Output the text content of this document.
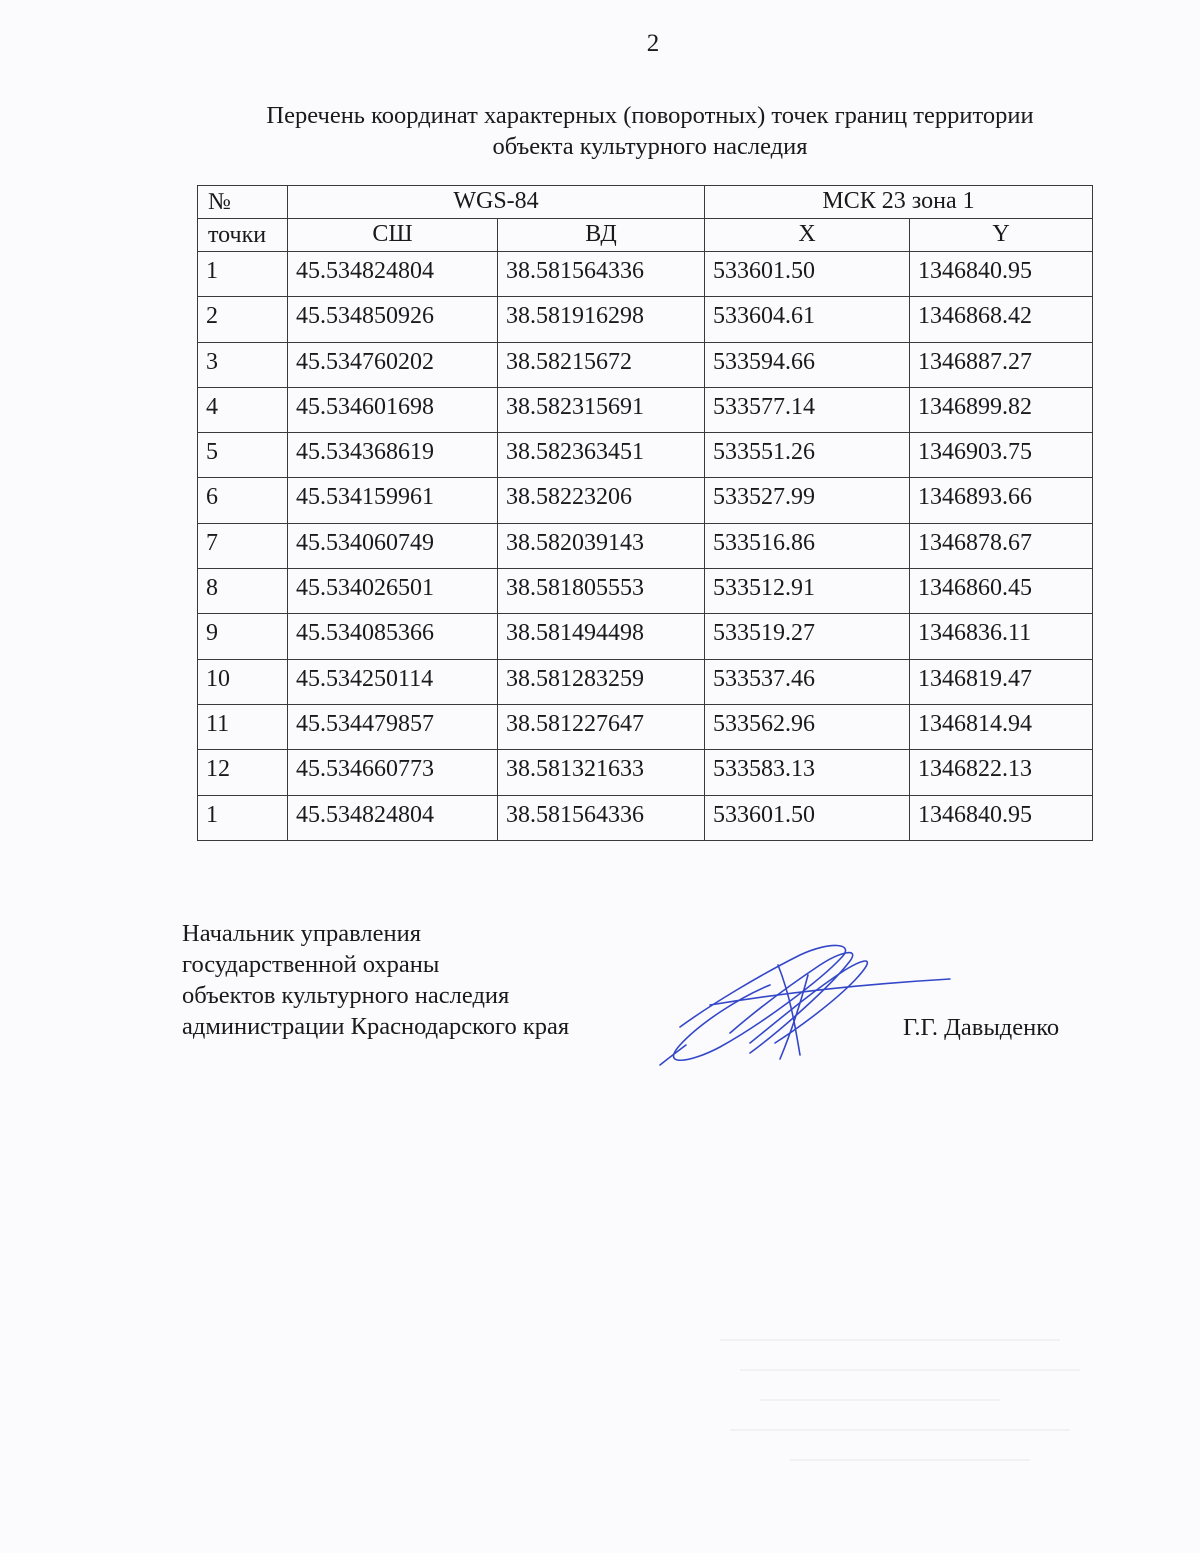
2
Перечень координат характерных (поворотных) точек границ территории
объекта культурного наследия
№	WGS-84		МСК 23 зона 1	
точки	СШ	ВД	X	Y
1	45.534824804	38.581564336	533601.50	1346840.95
2	45.534850926	38.581916298	533604.61	1346868.42
3	45.534760202	38.58215672	533594.66	1346887.27
4	45.534601698	38.582315691	533577.14	1346899.82
5	45.534368619	38.582363451	533551.26	1346903.75
6	45.534159961	38.58223206	533527.99	1346893.66
7	45.534060749	38.582039143	533516.86	1346878.67
8	45.534026501	38.581805553	533512.91	1346860.45
9	45.534085366	38.581494498	533519.27	1346836.11
10	45.534250114	38.581283259	533537.46	1346819.47
11	45.534479857	38.581227647	533562.96	1346814.94
12	45.534660773	38.581321633	533583.13	1346822.13
1	45.534824804	38.581564336	533601.50	1346840.95
Начальник управления
государственной охраны
объектов культурного наследия
администрации Краснодарского края	Г.Г. Давыденко
